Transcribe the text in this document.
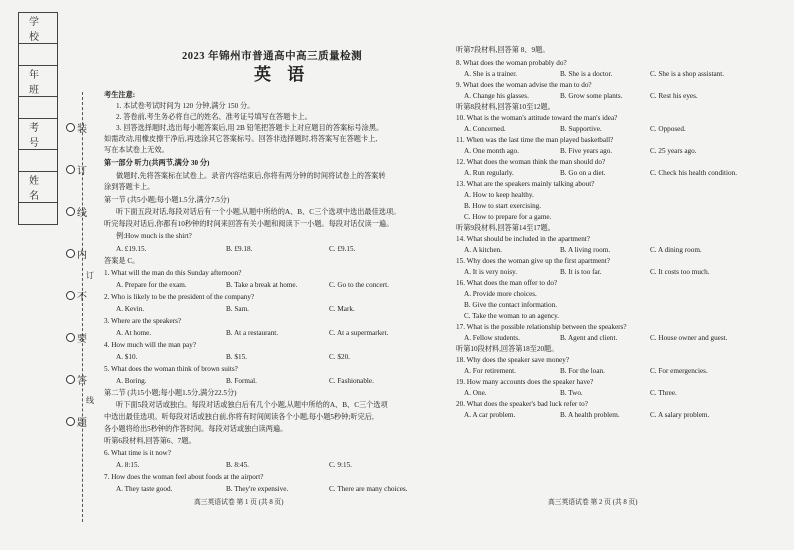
学 校

年 班

考 号

姓 名

装
订
线
内
不
要
答
题
订
线
2023 年锦州市普通高中高三质量检测
英 语
考生注意:
1. 本试卷考试时间为 120 分钟,满分 150 分。
2. 答卷前,考生务必将自己的姓名、准考证号填写在答题卡上。
3. 回答选择题时,选出每小题答案后,用 2B 铅笔把答题卡上对应题目的答案标号涂黑。
如需改动,用橡皮擦干净后,再选涂其它答案标号。回答非选择题时,将答案写在答题卡上,
写在本试卷上无效。
第一部分 听力(共两节,满分 30 分)
做题时,先将答案标在试卷上。录音内容结束后,你将有两分钟的时间将试卷上的答案转
涂到答题卡上。
第一节 (共5小题;每小题1.5分,满分7.5分)
听下面五段对话,每段对话后有一个小题,从题中所给的A、B、C三个选项中选出最佳选项。
听完每段对话后,你都有10秒钟的时间来回答有关小题和阅读下一小题。每段对话仅读一遍。
例:How much is the shirt?
A. £19.15.	B. £9.18.	C. £9.15.
答案是 C。
1. What will the man do this Sunday afternoon?
A. Prepare for the exam.	B. Take a break at home.	C. Go to the concert.
2. Who is likely to be the president of the company?
A. Kevin.	B. Sam.	C. Mark.
3. Where are the speakers?
A. At home.	B. At a restaurant.	C. At a supermarket.
4. How much will the man pay?
A. $10.	B. $15.	C. $20.
5. What does the woman think of brown suits?
A. Boring.	B. Formal.	C. Fashionable.
第二节 (共15小题;每小题1.5分,满分22.5分)
听下面5段对话或独白。每段对话或独白后有几个小题,从题中所给的A、B、C三个选项
中选出最佳选项。听每段对话或独白前,你将有时间阅读各个小题,每小题5秒钟;听完后,
各小题将给出5秒钟的作答时间。每段对话或独白读两遍。
听第6段材料,回答第6、7题。
6. What time is it now?
A. 8:15.	B. 8:45.	C. 9:15.
7. How does the woman feel about foods at the airport?
A. They taste good.	B. They're expensive.	C. There are many choices.
高三英语试卷 第 1 页 (共 8 页)
听第7段材料,回答第 8、9题。
8. What does the woman probably do?
A. She is a trainer.	B. She is a doctor.	C. She is a shop assistant.
9. What does the woman advise the man to do?
A. Change his glasses.	B. Grow some plants.	C. Rest his eyes.
听第8段材料,回答第10至12题。
10. What is the woman's attitude toward the man's idea?
A. Concerned.	B. Supportive.	C. Opposed.
11. When was the last time the man played basketball?
A. One month ago.	B. Five years ago.	C. 25 years ago.
12. What does the woman think the man should do?
A. Run regularly.	B. Go on a diet.	C. Check his health condition.
13. What are the speakers mainly talking about?
A. How to keep healthy.
B. How to start exercising.
C. How to prepare for a game.
听第9段材料,回答第14至17题。
14. What should be included in the apartment?
A. A kitchen.	B. A living room.	C. A dining room.
15. Why does the woman give up the first apartment?
A. It is very noisy.	B. It is too far.	C. It costs too much.
16. What does the man offer to do?
A. Provide more choices.
B. Give the contact information.
C. Take the woman to an agency.
17. What is the possible relationship between the speakers?
A. Fellow students.	B. Agent and client.	C. House owner and guest.
听第10段材料,回答第18至20题。
18. Why does the speaker save money?
A. For retirement.	B. For the loan.	C. For emergencies.
19. How many accounts does the speaker have?
A. One.	B. Two.	C. Three.
20. What does the speaker's bad luck refer to?
A. A car problem.	B. A health problem.	C. A salary problem.
高三英语试卷 第 2 页 (共 8 页)
